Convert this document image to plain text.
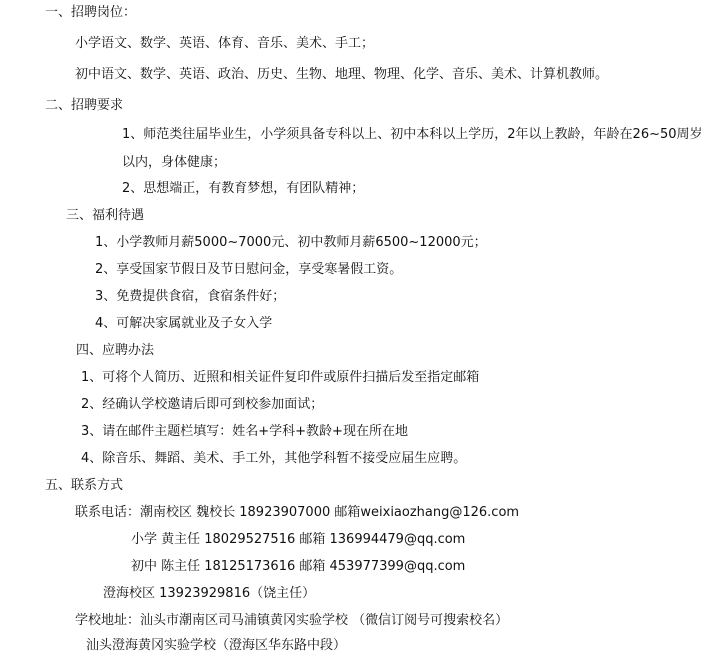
一、招聘岗位：
小学语文、数学、英语、体育、音乐、美术、手工；
初中语文、数学、英语、政治、历史、生物、地理、物理、化学、音乐、美术、计算机教师。
二、招聘要求
1、师范类往届毕业生，小学须具备专科以上、初中本科以上学历，2年以上教龄，年龄在26~50周岁
以内，身体健康；
2、思想端正，有教育梦想，有团队精神；
三、福利待遇
1、小学教师月薪5000~7000元、初中教师月薪6500~12000元；
2、享受国家节假日及节日慰问金，享受寒暑假工资。
3、免费提供食宿，食宿条件好；
4、可解决家属就业及子女入学
四、应聘办法
1、可将个人简历、近照和相关证件复印件或原件扫描后发至指定邮箱
2、经确认学校邀请后即可到校参加面试；
3、请在邮件主题栏填写：姓名+学科+教龄+现在所在地
4、除音乐、舞蹈、美术、手工外，其他学科暂不接受应届生应聘。
五、联系方式
联系电话：潮南校区 魏校长 18923907000 邮箱weixiaozhang@126.com
小学 黄主任 18029527516 邮箱 136994479@qq.com
初中 陈主任 18125173616 邮箱 453977399@qq.com
澄海校区 13923929816（饶主任）
学校地址：汕头市潮南区司马浦镇黄冈实验学校 （微信订阅号可搜索校名）
汕头澄海黄冈实验学校（澄海区华东路中段）
